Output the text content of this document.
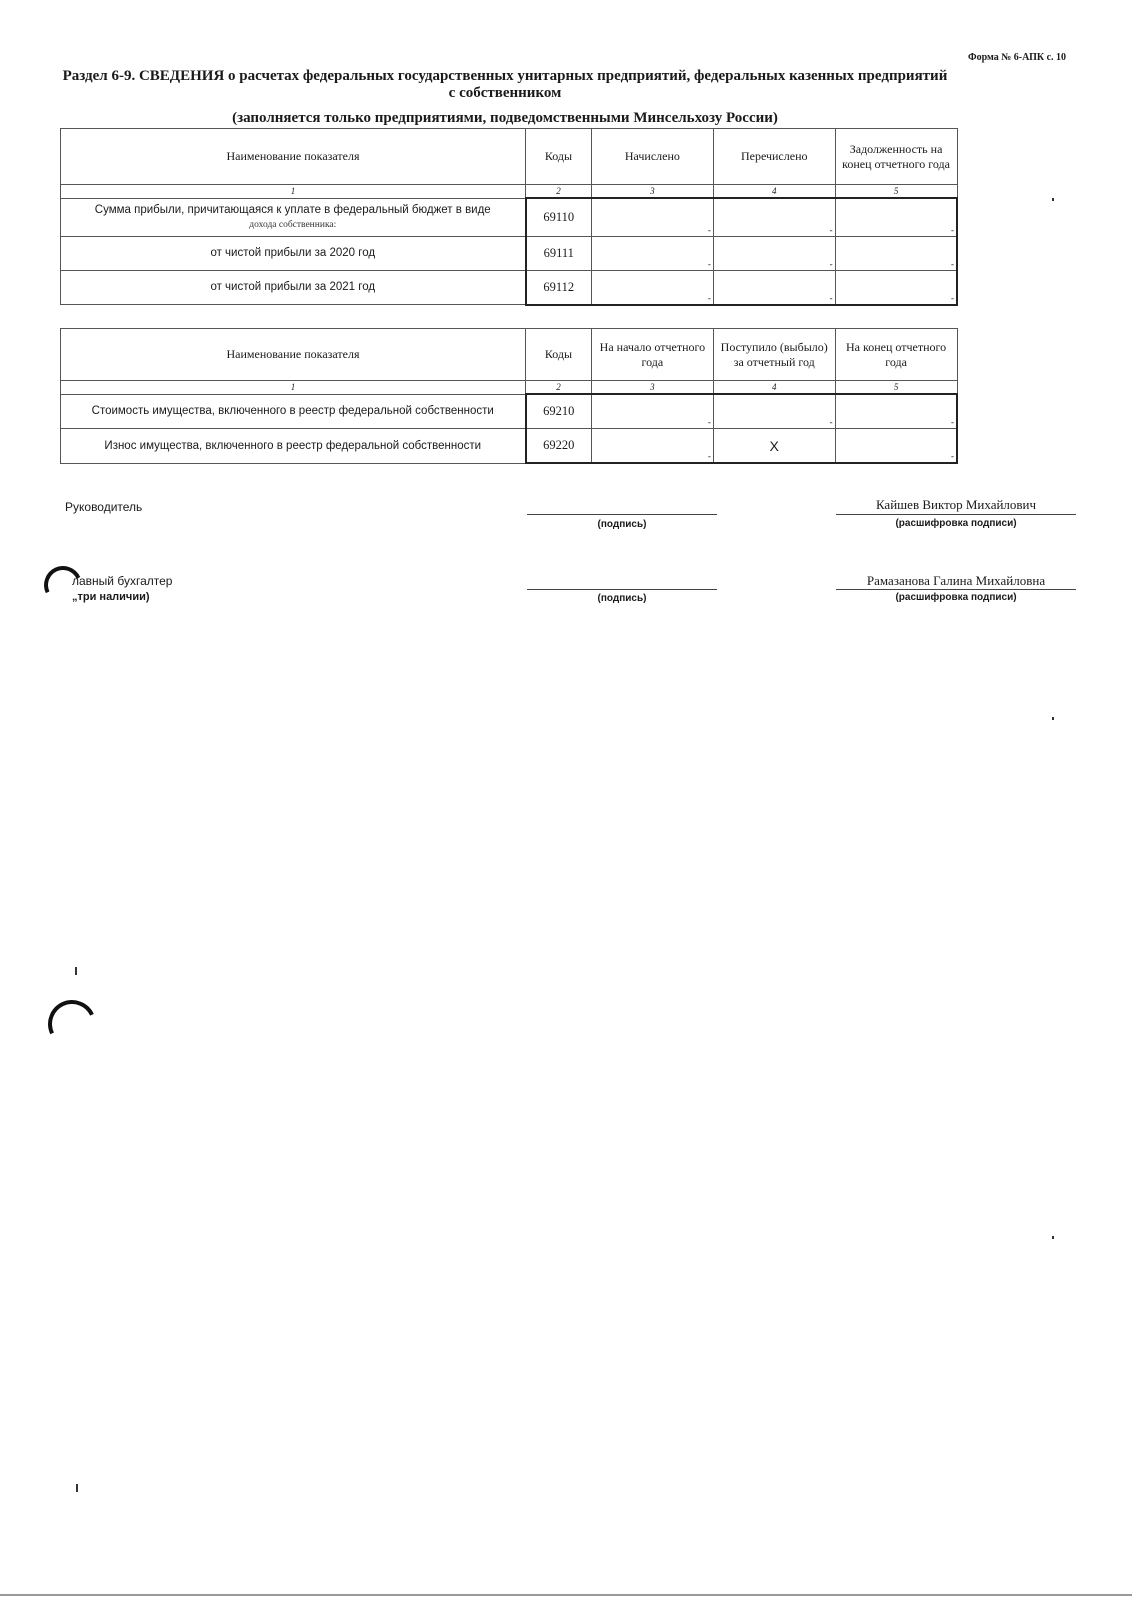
Форма № 6-АПК с. 10
Раздел 6-9. СВЕДЕНИЯ о расчетах федеральных государственных унитарных предприятий, федеральных казенных предприятий с собственником
(заполняется только предприятиями, подведомственными Минсельхозу России)
Наименование показателя	Коды	Начислено	Перечислено	Задолженность на конец отчетного года
1	2	3	4	5
Сумма прибыли, причитающаяся к уплате в федеральный бюджет в виде
дохода собственника:	69110	-	-	-

от чистой прибыли за 2020 год	69111	-	-	-

от чистой прибыли за 2021 год	69112	-	-	-
Наименование показателя	Коды	На начало отчетного года	Поступило (выбыло) за отчетный год	На конец отчетного года
1	2	3	4	5
Стоимость имущества, включенного в реестр федеральной собственности	69210	-	-	-

Износ имущества, включенного в реестр федеральной собственности	69220	-	X	-
Руководитель
(подпись)
Кайшев Виктор Михайлович
(расшифровка подписи)
лавный бухгалтер
„три наличии)	(подпись)
Рамазанова Галина Михайловна
(расшифровка подписи)
